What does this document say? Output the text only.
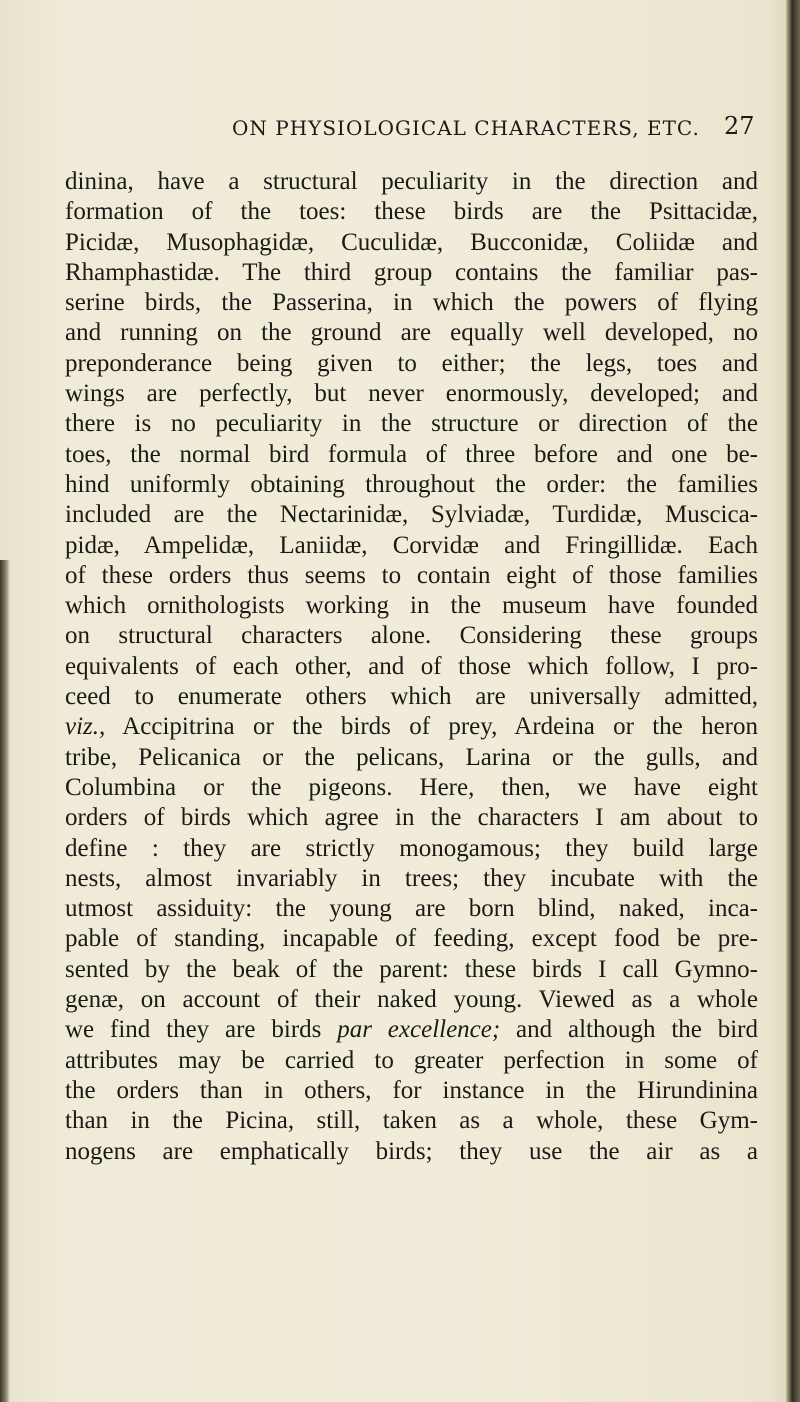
ON PHYSIOLOGICAL CHARACTERS, ETC. 27
dinina, have a structural peculiarity in the direction and
formation of the toes: these birds are the Psittacidæ,
Picidæ, Musophagidæ, Cuculidæ, Bucconidæ, Coliidæ and
Rhamphastidæ. The third group contains the familiar pas-
serine birds, the Passerina, in which the powers of flying
and running on the ground are equally well developed, no
preponderance being given to either; the legs, toes and
wings are perfectly, but never enormously, developed; and
there is no peculiarity in the structure or direction of the
toes, the normal bird formula of three before and one be-
hind uniformly obtaining throughout the order: the families
included are the Nectarinidæ, Sylviadæ, Turdidæ, Muscica-
pidæ, Ampelidæ, Laniidæ, Corvidæ and Fringillidæ. Each
of these orders thus seems to contain eight of those families
which ornithologists working in the museum have founded
on structural characters alone. Considering these groups
equivalents of each other, and of those which follow, I pro-
ceed to enumerate others which are universally admitted,
viz., Accipitrina or the birds of prey, Ardeina or the heron
tribe, Pelicanica or the pelicans, Larina or the gulls, and
Columbina or the pigeons. Here, then, we have eight
orders of birds which agree in the characters I am about to
define : they are strictly monogamous; they build large
nests, almost invariably in trees; they incubate with the
utmost assiduity: the young are born blind, naked, inca-
pable of standing, incapable of feeding, except food be pre-
sented by the beak of the parent: these birds I call Gymno-
genæ, on account of their naked young. Viewed as a whole
we find they are birds par excellence; and although the bird
attributes may be carried to greater perfection in some of
the orders than in others, for instance in the Hirundinina
than in the Picina, still, taken as a whole, these Gym-
nogens are emphatically birds; they use the air as a
